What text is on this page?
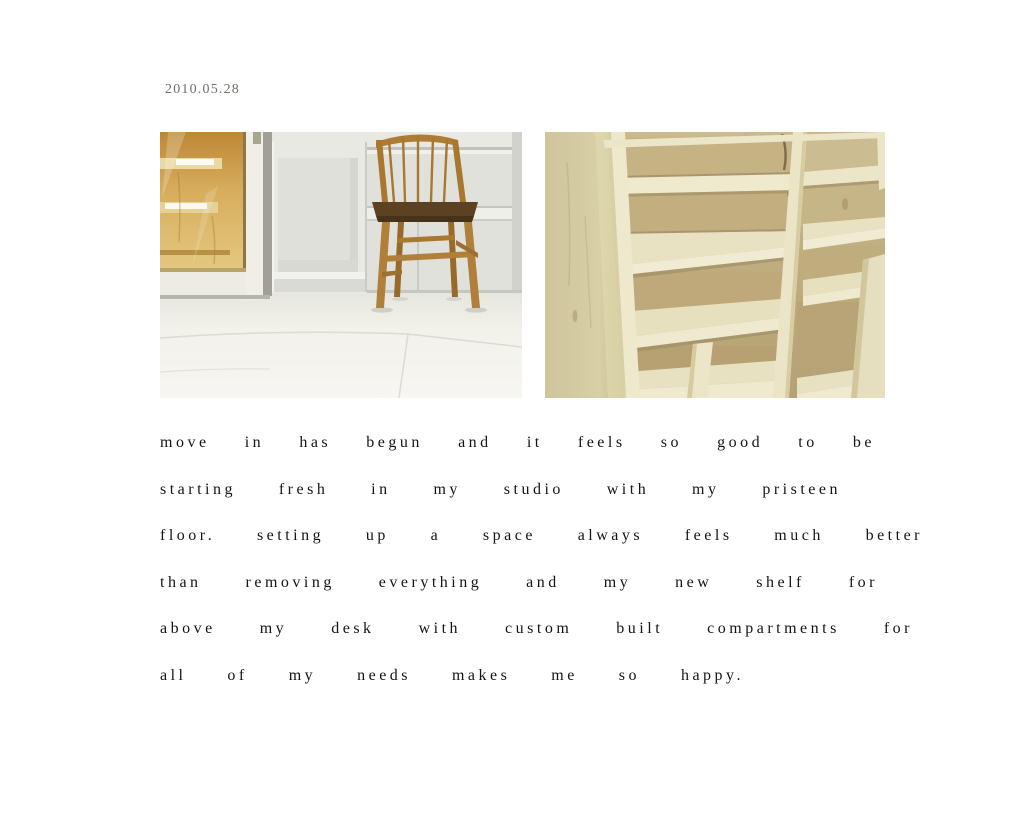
2010.05.28
move in has begun and it feels so good to be
starting fresh in my studio with my pristeen
floor. setting up a space always feels much better
than removing everything and my new shelf for
above my desk with custom built compartments for
all of my needs makes me so happy.
